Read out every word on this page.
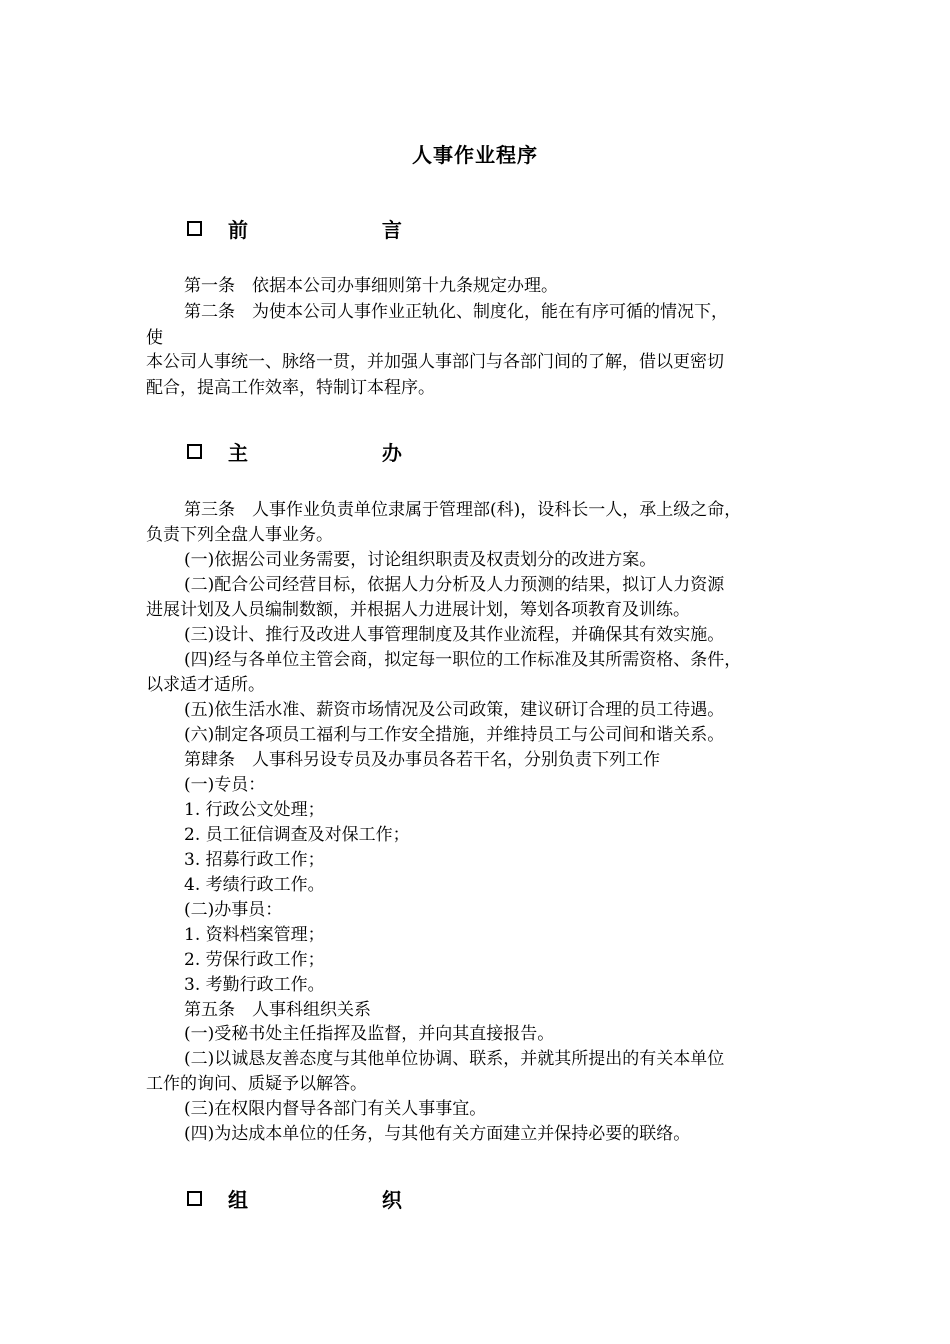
人事作业程序
前  言
第一条　依据本公司办事细则第十九条规定办理。
第二条　为使本公司人事作业正轨化、制度化，能在有序可循的情况下，
使
本公司人事统一、脉络一贯，并加强人事部门与各部门间的了解，借以更密切
配合，提高工作效率，特制订本程序。
主  办
第三条　人事作业负责单位隶属于管理部(科)，设科长一人，承上级之命，
负责下列全盘人事业务。
(一)依据公司业务需要，讨论组织职责及权责划分的改进方案。
(二)配合公司经营目标，依据人力分析及人力预测的结果，拟订人力资源
进展计划及人员编制数额，并根据人力进展计划，筹划各项教育及训练。
(三)设计、推行及改进人事管理制度及其作业流程，并确保其有效实施。
(四)经与各单位主管会商，拟定每一职位的工作标准及其所需资格、条件，
以求适才适所。
(五)依生活水准、薪资市场情况及公司政策，建议研订合理的员工待遇。
(六)制定各项员工福利与工作安全措施，并维持员工与公司间和谐关系。
第肆条　人事科另设专员及办事员各若干名，分别负责下列工作
(一)专员：
1. 行政公文处理；
2. 员工征信调查及对保工作；
3. 招募行政工作；
4. 考绩行政工作。
(二)办事员：
1. 资料档案管理；
2. 劳保行政工作；
3. 考勤行政工作。
第五条　人事科组织关系
(一)受秘书处主任指挥及监督，并向其直接报告。
(二)以诚恳友善态度与其他单位协调、联系，并就其所提出的有关本单位
工作的询问、质疑予以解答。
(三)在权限内督导各部门有关人事事宜。
(四)为达成本单位的任务，与其他有关方面建立并保持必要的联络。
组  织
